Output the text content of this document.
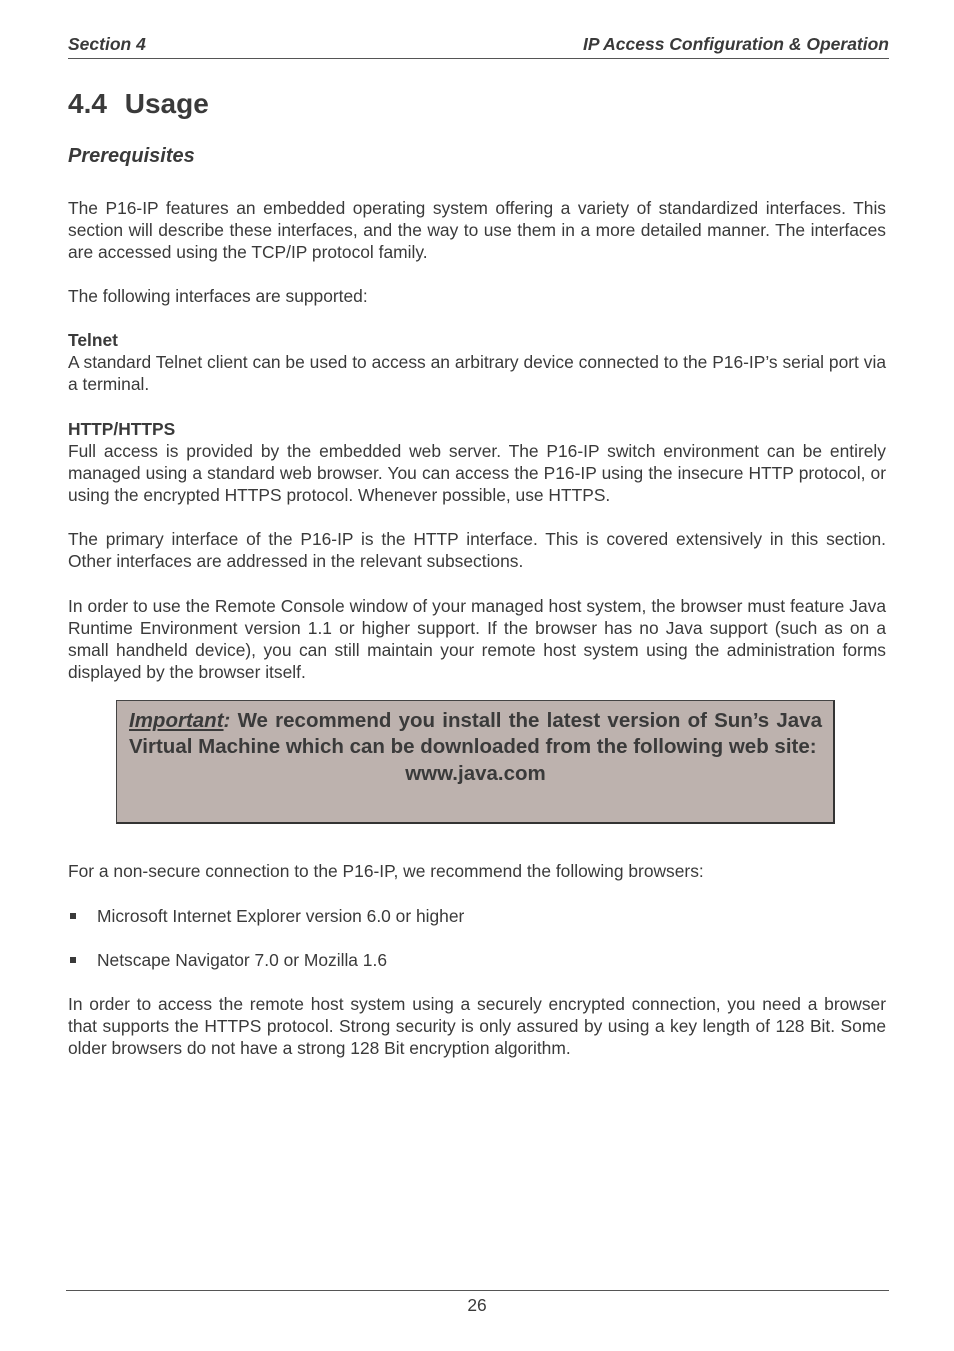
Section 4	IP Access Configuration & Operation
4.4 Usage
Prerequisites

The P16-IP features an embedded operating system offering a variety of standardized interfaces. This section will describe these interfaces, and the way to use them in a more detailed manner. The interfaces are accessed using the TCP/IP protocol family.

The following interfaces are supported:

Telnet

A standard Telnet client can be used to access an arbitrary device connected to the P16-IP’s serial port via a terminal.

HTTP/HTTPS

Full access is provided by the embedded web server. The P16-IP switch environment can be entirely managed using a standard web browser. You can access the P16-IP using the insecure HTTP protocol, or using the encrypted HTTPS protocol. Whenever possible, use HTTPS.

The primary interface of the P16-IP is the HTTP interface. This is covered extensively in this section. Other interfaces are addressed in the relevant subsections.

In order to use the Remote Console window of your managed host system, the browser must feature Java Runtime Environment version 1.1 or higher support. If the browser has no Java support (such as on a small handheld device), you can still maintain your remote host system using the administration forms displayed by the browser itself.

Important: We recommend you install the latest version of Sun’s Java Virtual Machine which can be downloaded from the following web site:

www.java.com

For a non-secure connection to the P16-IP, we recommend the following browsers:

Microsoft Internet Explorer version 6.0 or higher
Netscape Navigator 7.0 or Mozilla 1.6

In order to access the remote host system using a securely encrypted connection, you need a browser that supports the HTTPS protocol. Strong security is only assured by using a key length of 128 Bit. Some older browsers do not have a strong 128 Bit encryption algorithm.

26
